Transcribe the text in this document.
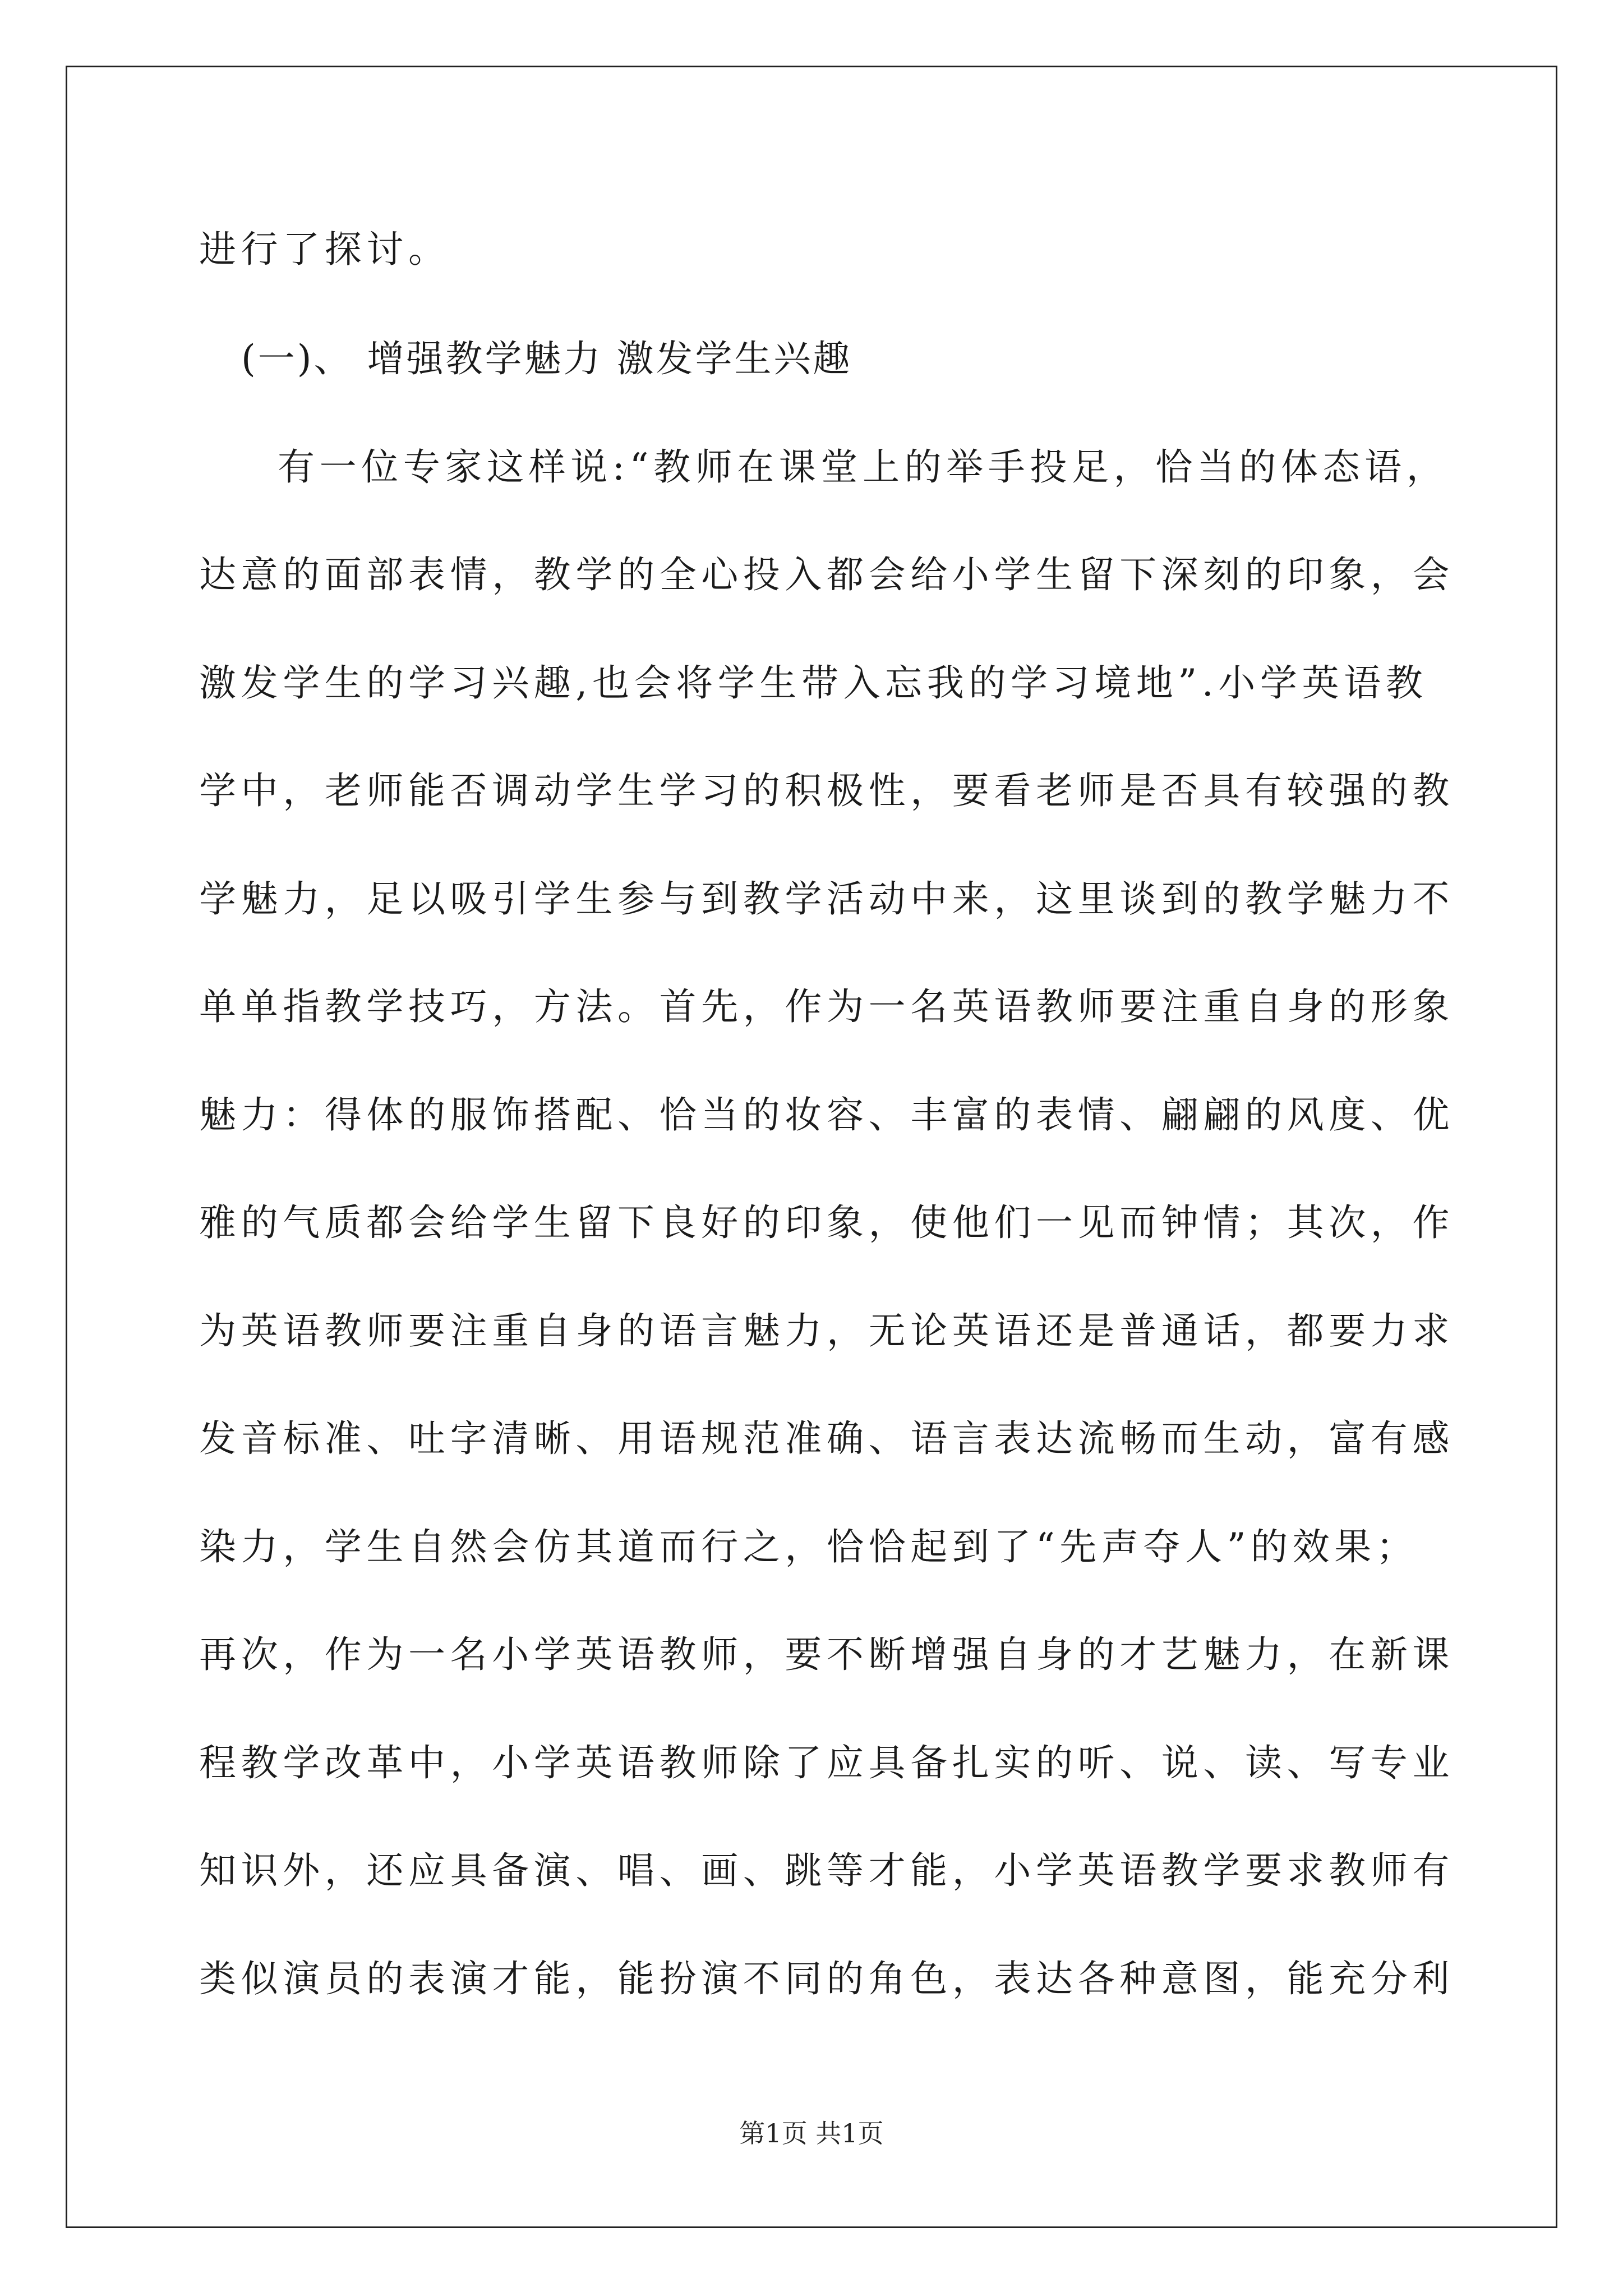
进行了探讨。
(一)、 增强教学魅力 激发学生兴趣
有一位专家这样说:“教师在课堂上的举手投足，恰当的体态语，
达意的面部表情，教学的全心投入都会给小学生留下深刻的印象，会
激发学生的学习兴趣,也会将学生带入忘我的学习境地”.小学英语教
学中，老师能否调动学生学习的积极性，要看老师是否具有较强的教
学魅力，足以吸引学生参与到教学活动中来，这里谈到的教学魅力不
单单指教学技巧，方法。首先，作为一名英语教师要注重自身的形象
魅力：得体的服饰搭配、恰当的妆容、丰富的表情、翩翩的风度、优
雅的气质都会给学生留下良好的印象，使他们一见而钟情；其次，作
为英语教师要注重自身的语言魅力，无论英语还是普通话，都要力求
发音标准、吐字清晰、用语规范准确、语言表达流畅而生动，富有感
染力，学生自然会仿其道而行之，恰恰起到了“先声夺人”的效果；
再次，作为一名小学英语教师，要不断增强自身的才艺魅力，在新课
程教学改革中，小学英语教师除了应具备扎实的听、说、读、写专业
知识外，还应具备演、唱、画、跳等才能，小学英语教学要求教师有
类似演员的表演才能，能扮演不同的角色，表达各种意图，能充分利
第1页 共1页
